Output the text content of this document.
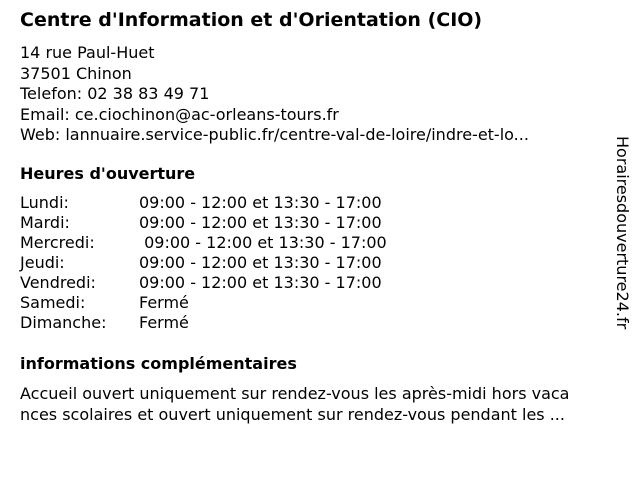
Centre d'Information et d'Orientation (CIO)
14 rue Paul-Huet
37501 Chinon
Telefon: 02 38 83 49 71
Email: ce.ciochinon@ac-orleans-tours.fr
Web: lannuaire.service-public.fr/centre-val-de-loire/indre-et-lo...
Heures d'ouverture
Lundi:	09:00 - 12:00 et 13:30 - 17:00
Mardi:	09:00 - 12:00 et 13:30 - 17:00
Mercredi:	09:00 - 12:00 et 13:30 - 17:00
Jeudi:	09:00 - 12:00 et 13:30 - 17:00
Vendredi:	09:00 - 12:00 et 13:30 - 17:00
Samedi:	Fermé
Dimanche: Fermé
informations complémentaires
Accueil ouvert uniquement sur rendez-vous les après-midi hors vaca
nces scolaires et ouvert uniquement sur rendez-vous pendant les ...
Horairesdouverture24.fr
